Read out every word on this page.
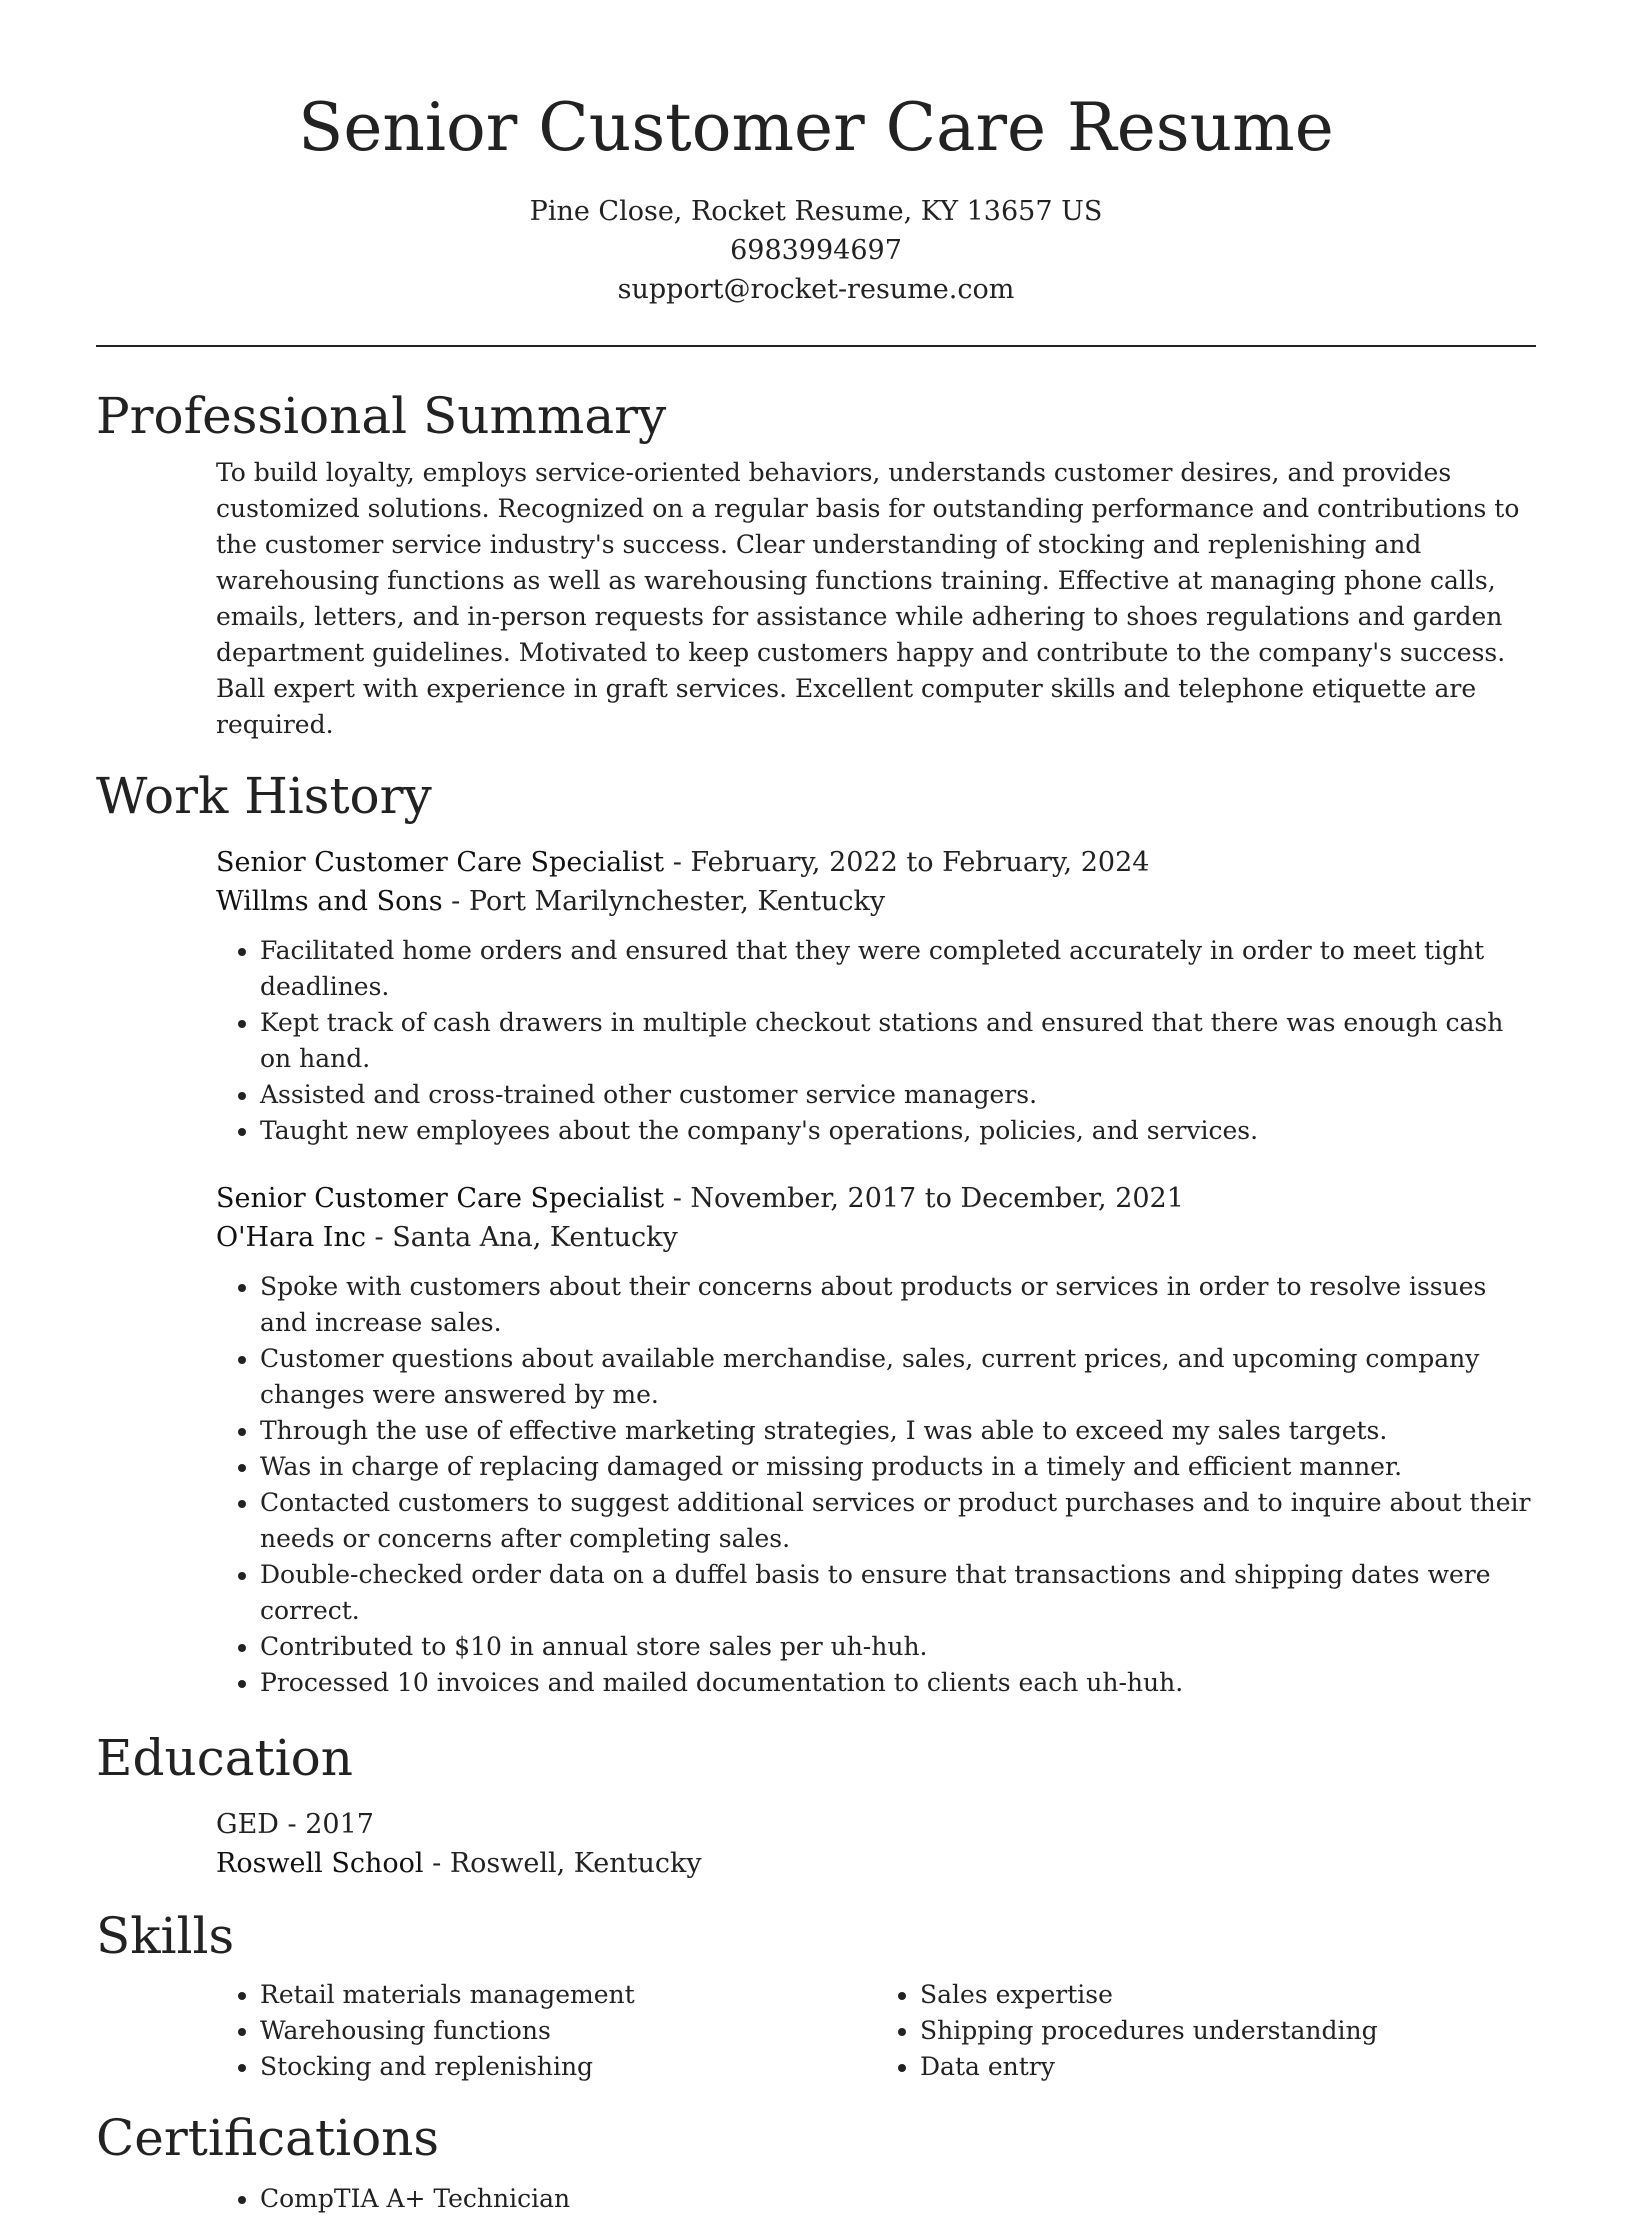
Senior Customer Care Resume
Pine Close, Rocket Resume, KY 13657 US
6983994697
support@rocket-resume.com
Professional Summary

To build loyalty, employs service-oriented behaviors, understands customer desires, and provides customized solutions. Recognized on a regular basis for outstanding performance and contributions to the customer service industry's success. Clear understanding of stocking and replenishing and warehousing functions as well as warehousing functions training. Effective at managing phone calls, emails, letters, and in-person requests for assistance while adhering to shoes regulations and garden department guidelines. Motivated to keep customers happy and contribute to the company's success. Ball expert with experience in graft services. Excellent computer skills and telephone etiquette are required.

Work History
Senior Customer Care Specialist - February, 2022 to February, 2024
Willms and Sons - Port Marilynchester, Kentucky
• Facilitated home orders and ensured that they were completed accurately in order to meet tight deadlines.
• Kept track of cash drawers in multiple checkout stations and ensured that there was enough cash on hand.
• Assisted and cross-trained other customer service managers.
• Taught new employees about the company's operations, policies, and services.
Senior Customer Care Specialist - November, 2017 to December, 2021
O'Hara Inc - Santa Ana, Kentucky
• Spoke with customers about their concerns about products or services in order to resolve issues and increase sales.
• Customer questions about available merchandise, sales, current prices, and upcoming company changes were answered by me.
• Through the use of effective marketing strategies, I was able to exceed my sales targets.
• Was in charge of replacing damaged or missing products in a timely and efficient manner.
• Contacted customers to suggest additional services or product purchases and to inquire about their needs or concerns after completing sales.
• Double-checked order data on a duffel basis to ensure that transactions and shipping dates were correct.
• Contributed to $10 in annual store sales per uh-huh.
• Processed 10 invoices and mailed documentation to clients each uh-huh.
Education
GED - 2017
Roswell School - Roswell, Kentucky
Skills
• Retail materials management
• Warehousing functions
• Stocking and replenishing
• Sales expertise
• Shipping procedures understanding
• Data entry
Certifications
• CompTIA A+ Technician
